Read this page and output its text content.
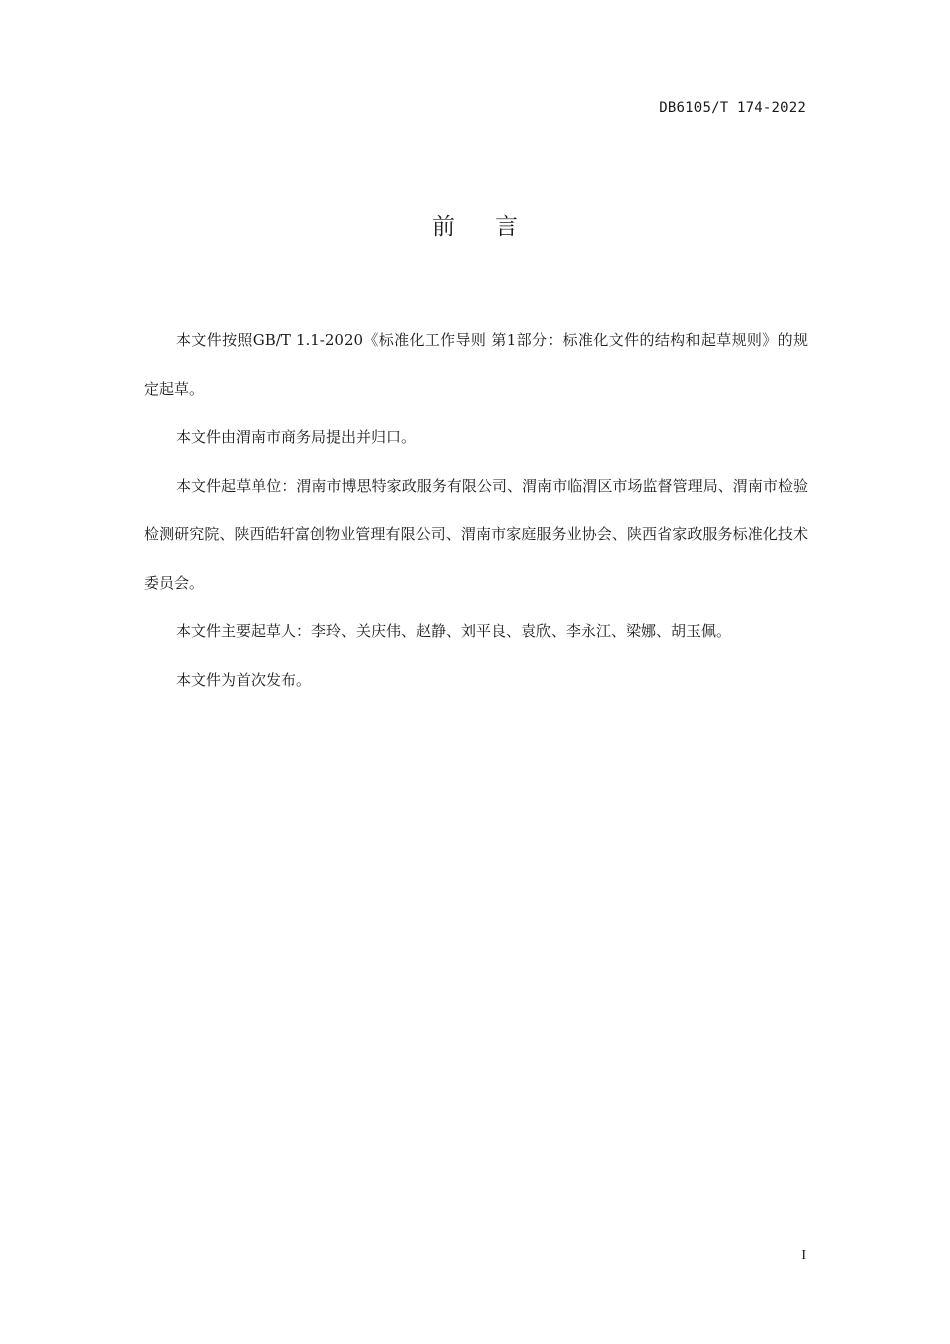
DB6105/T 174-2022
前 言

本文件按照GB/T 1.1-2020《标准化工作导则 第1部分：标准化文件的结构和起草规则》的规定起草。

本文件由渭南市商务局提出并归口。

本文件起草单位：渭南市博思特家政服务有限公司、渭南市临渭区市场监督管理局、渭南市检验检测研究院、陕西皓轩富创物业管理有限公司、渭南市家庭服务业协会、陕西省家政服务标准化技术委员会。

本文件主要起草人：李玲、关庆伟、赵静、刘平良、袁欣、李永江、梁娜、胡玉佩。

本文件为首次发布。

I
